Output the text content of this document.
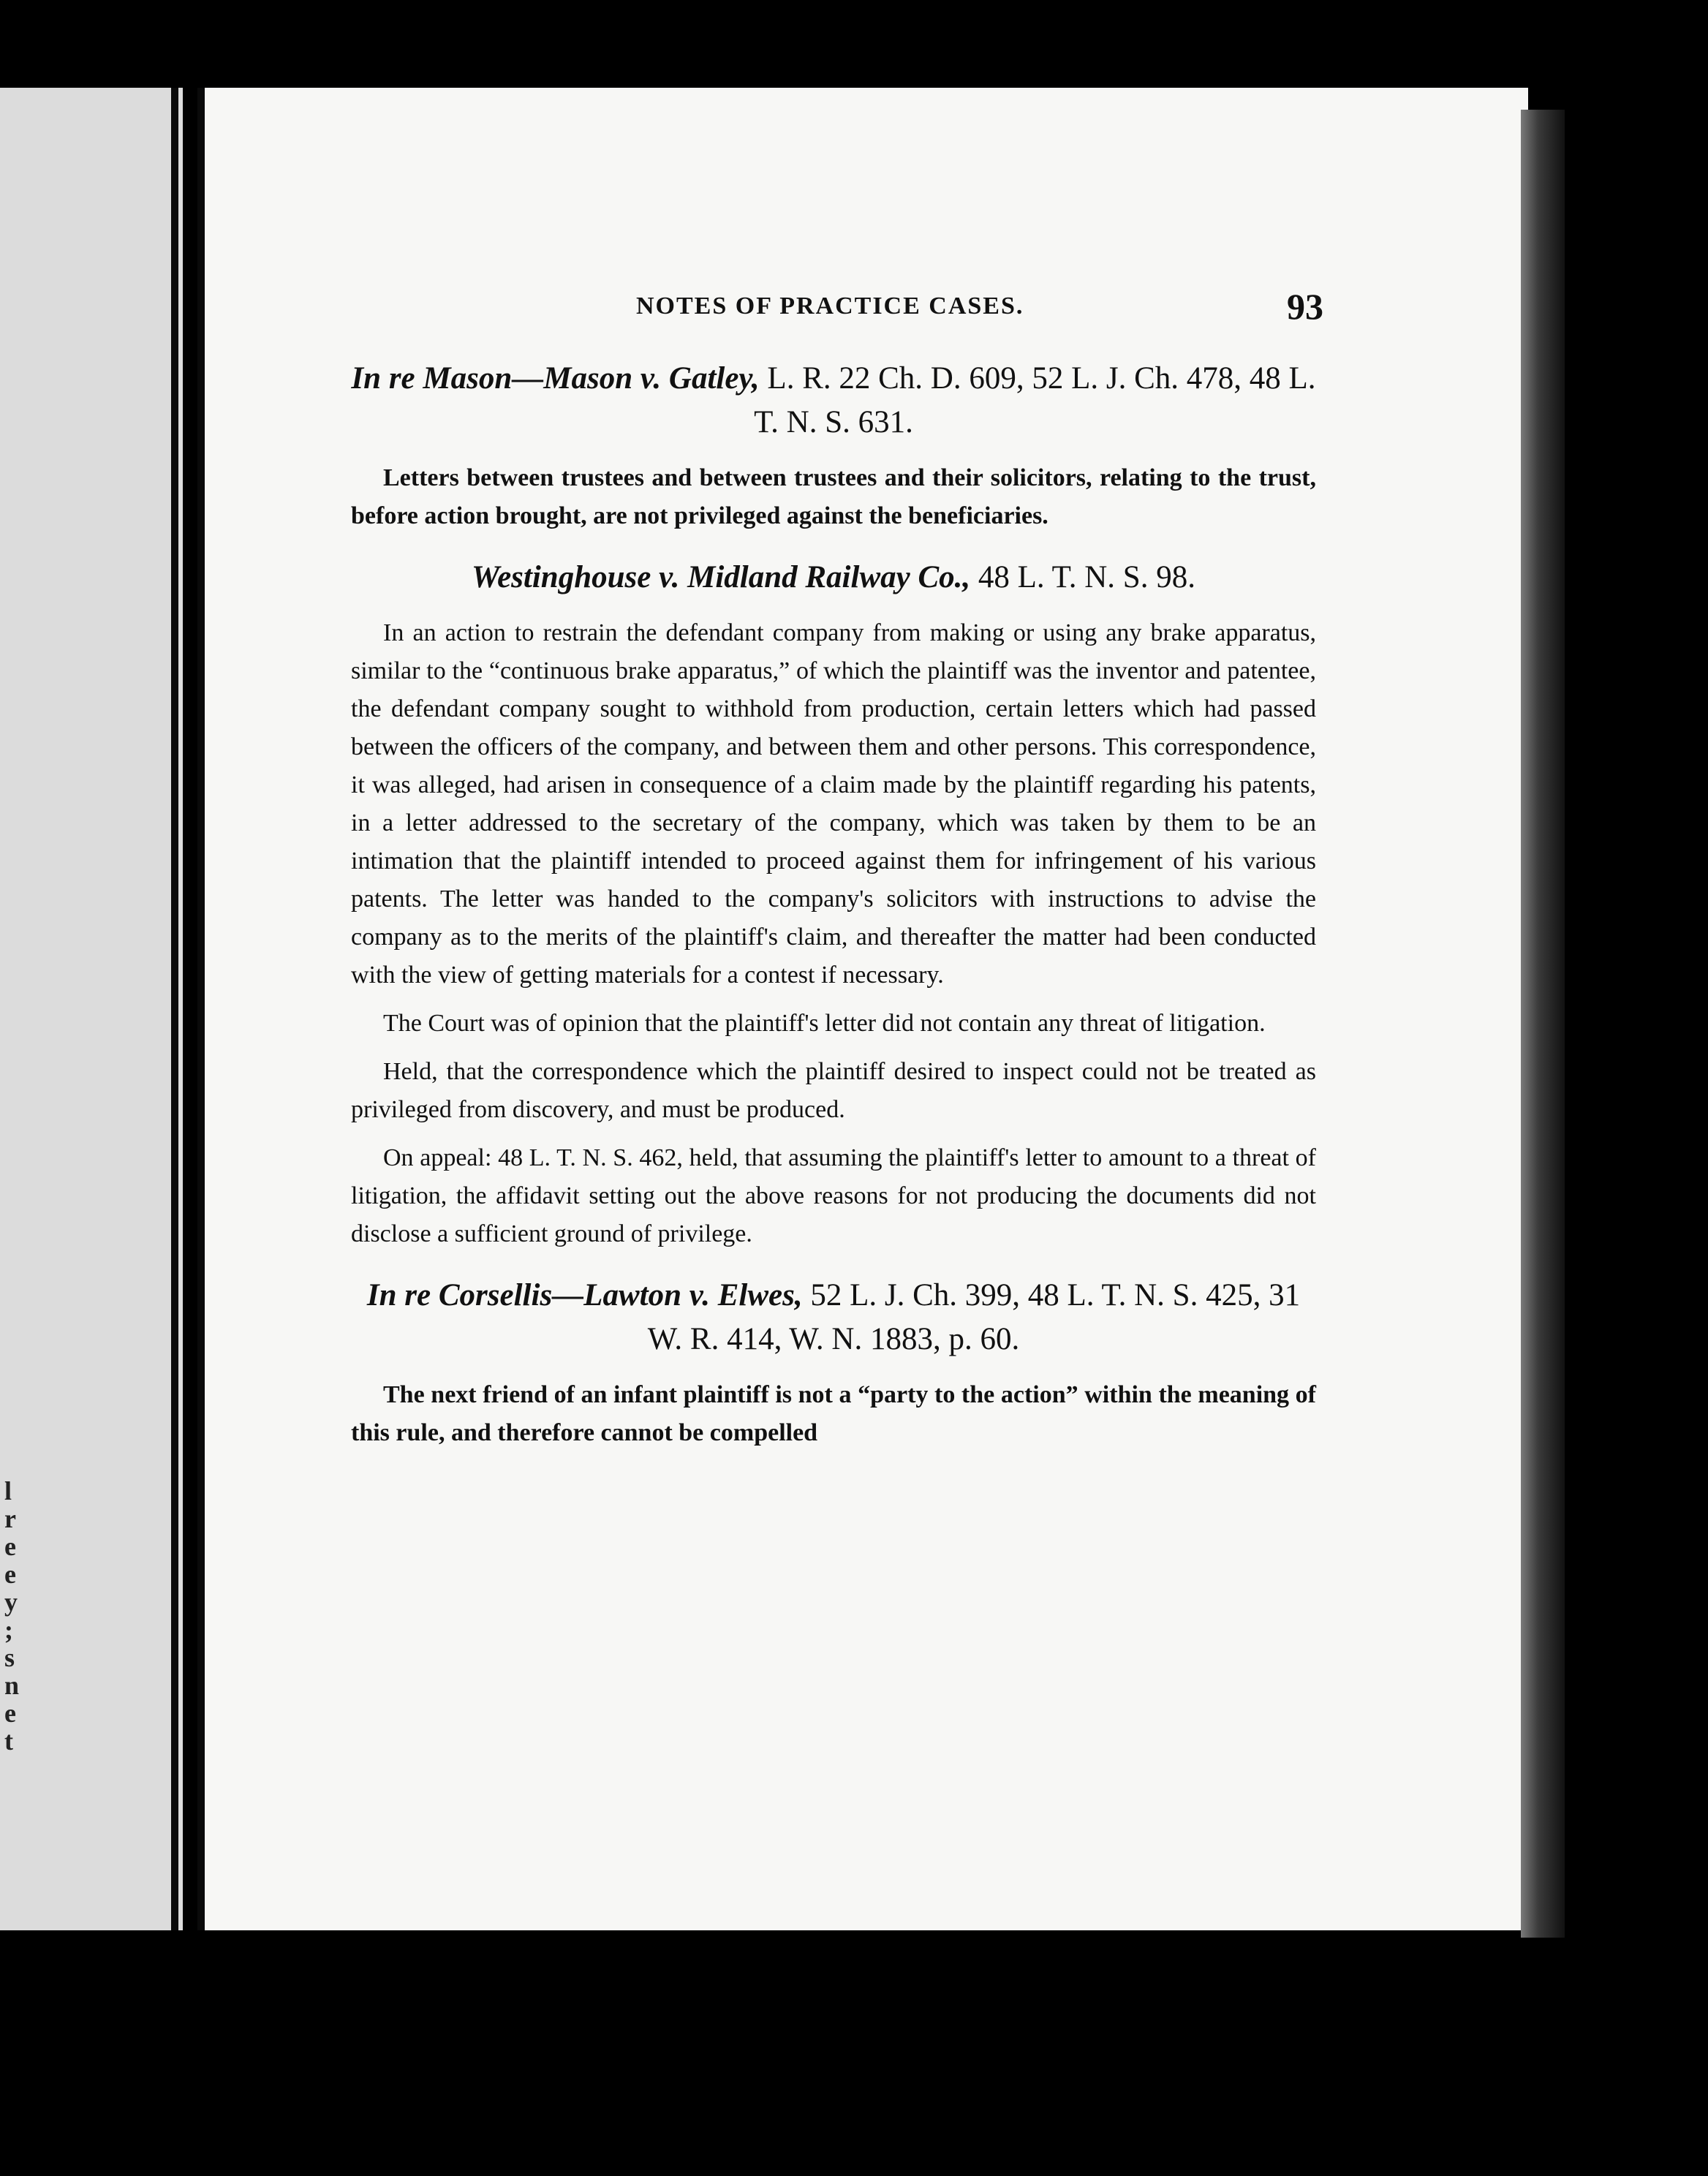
l
r
e
e
y
;
s
n
e
t
NOTES OF PRACTICE CASES.	93
In re Mason—Mason v. Gatley, L. R. 22 Ch. D. 609, 52 L. J. Ch. 478, 48 L. T. N. S. 631.

Letters between trustees and between trustees and their solicitors, relating to the trust, before action brought, are not privileged against the beneficiaries.

Westinghouse v. Midland Railway Co., 48 L. T. N. S. 98.

In an action to restrain the defendant company from making or using any brake apparatus, similar to the “continuous brake apparatus,” of which the plaintiff was the inventor and patentee, the defendant company sought to withhold from production, certain letters which had passed between the officers of the company, and between them and other persons. This correspondence, it was alleged, had arisen in consequence of a claim made by the plaintiff regarding his patents, in a letter addressed to the secretary of the company, which was taken by them to be an intimation that the plaintiff intended to proceed against them for infringement of his various patents. The letter was handed to the company's solicitors with instructions to advise the company as to the merits of the plaintiff's claim, and thereafter the matter had been conducted with the view of getting materials for a contest if necessary.

The Court was of opinion that the plaintiff's letter did not contain any threat of litigation.

Held, that the correspondence which the plaintiff desired to inspect could not be treated as privileged from discovery, and must be produced.

On appeal: 48 L. T. N. S. 462, held, that assuming the plaintiff's letter to amount to a threat of litigation, the affidavit setting out the above reasons for not producing the documents did not disclose a sufficient ground of privilege.

In re Corsellis—Lawton v. Elwes, 52 L. J. Ch. 399, 48 L. T. N. S. 425, 31 W. R. 414, W. N. 1883, p. 60.

The next friend of an infant plaintiff is not a “party to the action” within the meaning of this rule, and therefore cannot be compelled
